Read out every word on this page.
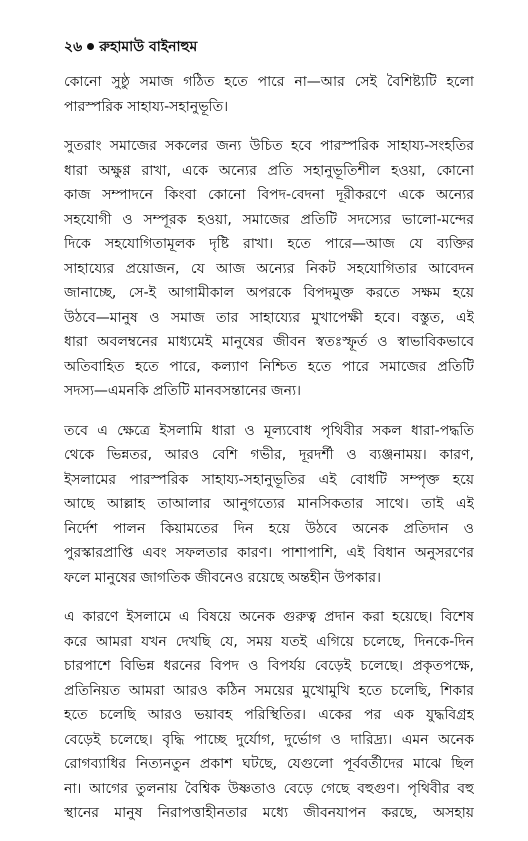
২৬ রুহামাউ বাইনাহুম

কোনো সুষ্ঠু সমাজ গঠিত হতে পারে না—আর সেই বৈশিষ্ট্যটি হলো
পারস্পরিক সাহায্য-সহানুভূতি।

সুতরাং সমাজের সকলের জন্য উচিত হবে পারস্পরিক সাহায্য-সংহতির
ধারা অক্ষুণ্ণ রাখা, একে অন্যের প্রতি সহানুভূতিশীল হওয়া, কোনো
কাজ সম্পাদনে কিংবা কোনো বিপদ-বেদনা দূরীকরণে একে অন্যের
সহযোগী ও সম্পূরক হওয়া, সমাজের প্রতিটি সদস্যের ভালো-মন্দের
দিকে সহযোগিতামূলক দৃষ্টি রাখা। হতে পারে—আজ যে ব্যক্তির
সাহায্যের প্রয়োজন, যে আজ অন্যের নিকট সহযোগিতার আবেদন
জানাচ্ছে, সে-ই আগামীকাল অপরকে বিপদমুক্ত করতে সক্ষম হয়ে
উঠবে—মানুষ ও সমাজ তার সাহায্যের মুখাপেক্ষী হবে। বস্তুত, এই
ধারা অবলম্বনের মাধ্যমেই মানুষের জীবন স্বতঃস্ফূর্ত ও স্বাভাবিকভাবে
অতিবাহিত হতে পারে, কল্যাণ নিশ্চিত হতে পারে সমাজের প্রতিটি
সদস্য—এমনকি প্রতিটি মানবসন্তানের জন্য।

তবে এ ক্ষেত্রে ইসলামি ধারা ও মূল্যবোধ পৃথিবীর সকল ধারা-পদ্ধতি
থেকে ভিন্নতর, আরও বেশি গভীর, দূরদর্শী ও ব্যঞ্জনাময়। কারণ,
ইসলামের পারস্পরিক সাহায্য-সহানুভূতির এই বোধটি সম্পৃক্ত হয়ে
আছে আল্লাহ তাআলার আনুগত্যের মানসিকতার সাথে। তাই এই
নির্দেশ পালন কিয়ামতের দিন হয়ে উঠবে অনেক প্রতিদান ও
পুরস্কারপ্রাপ্তি এবং সফলতার কারণ। পাশাপাশি, এই বিধান অনুসরণের
ফলে মানুষের জাগতিক জীবনেও রয়েছে অন্তহীন উপকার।

এ কারণে ইসলামে এ বিষয়ে অনেক গুরুত্ব প্রদান করা হয়েছে। বিশেষ
করে আমরা যখন দেখছি যে, সময় যতই এগিয়ে চলেছে, দিনকে-দিন
চারপাশে বিভিন্ন ধরনের বিপদ ও বিপর্যয় বেড়েই চলেছে। প্রকৃতপক্ষে,
প্রতিনিয়ত আমরা আরও কঠিন সময়ের মুখোমুখি হতে চলেছি, শিকার
হতে চলেছি আরও ভয়াবহ পরিস্থিতির। একের পর এক যুদ্ধবিগ্রহ
বেড়েই চলেছে। বৃদ্ধি পাচ্ছে দুর্যোগ, দুর্ভোগ ও দারিদ্র্য। এমন অনেক
রোগব্যাধির নিত্যনতুন প্রকাশ ঘটছে, যেগুলো পূর্ববর্তীদের মাঝে ছিল
না। আগের তুলনায় বৈশ্বিক উষ্ণতাও বেড়ে গেছে বহুগুণ। পৃথিবীর বহু
স্থানের মানুষ নিরাপত্তাহীনতার মধ্যে জীবনযাপন করছে, অসহায়
